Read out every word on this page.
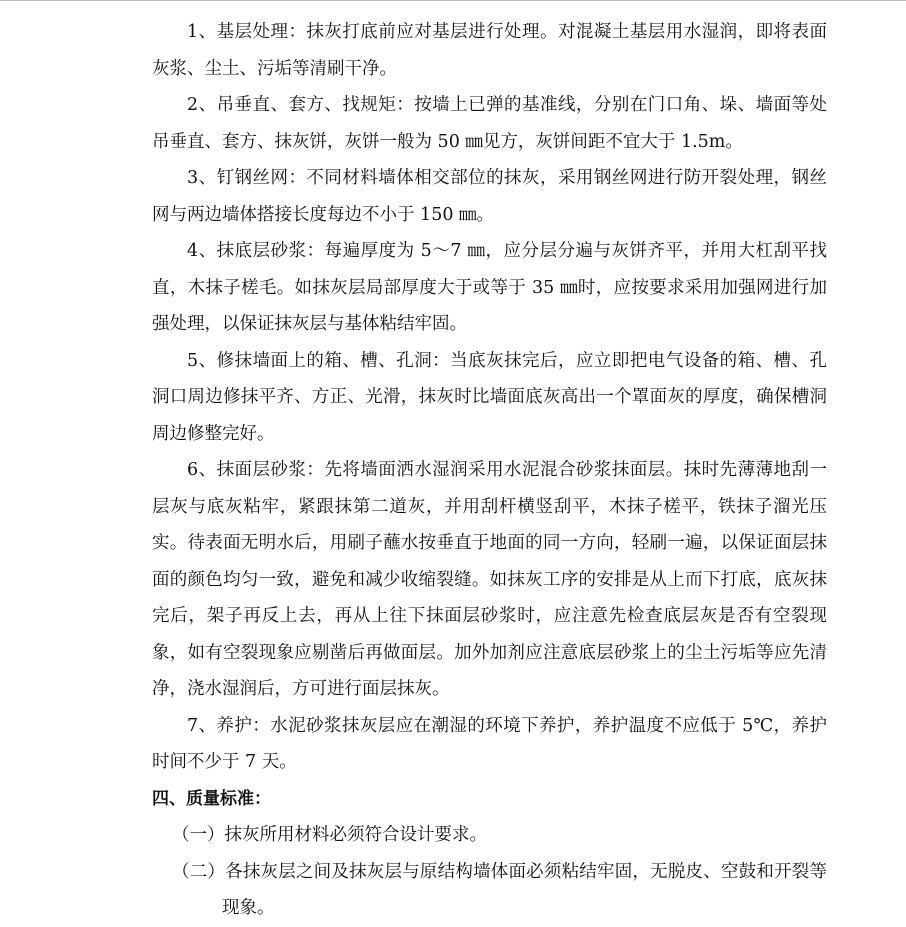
1、基层处理：抹灰打底前应对基层进行处理。对混凝土基层用水湿润，即将表面灰浆、尘土、污垢等清刷干净。

2、吊垂直、套方、找规矩：按墙上已弹的基准线，分别在门口角、垛、墙面等处吊垂直、套方、抹灰饼，灰饼一般为 50 ㎜见方，灰饼间距不宜大于 1.5m。

3、钉钢丝网：不同材料墙体相交部位的抹灰，采用钢丝网进行防开裂处理，钢丝网与两边墙体搭接长度每边不小于 150 ㎜。

4、抹底层砂浆：每遍厚度为 5～7 ㎜，应分层分遍与灰饼齐平，并用大杠刮平找直，木抹子槎毛。如抹灰层局部厚度大于或等于 35 ㎜时，应按要求采用加强网进行加强处理，以保证抹灰层与基体粘结牢固。

5、修抹墙面上的箱、槽、孔洞：当底灰抹完后，应立即把电气设备的箱、槽、孔洞口周边修抹平齐、方正、光滑，抹灰时比墙面底灰高出一个罩面灰的厚度，确保槽洞周边修整完好。

6、抹面层砂浆：先将墙面洒水湿润采用水泥混合砂浆抹面层。抹时先薄薄地刮一层灰与底灰粘牢，紧跟抹第二道灰，并用刮杆横竖刮平，木抹子槎平，铁抹子溜光压实。待表面无明水后，用刷子蘸水按垂直于地面的同一方向，轻刷一遍，以保证面层抹面的颜色均匀一致，避免和减少收缩裂缝。如抹灰工序的安排是从上而下打底，底灰抹完后，架子再反上去，再从上往下抹面层砂浆时，应注意先检查底层灰是否有空裂现象，如有空裂现象应剔凿后再做面层。加外加剂应注意底层砂浆上的尘土污垢等应先清净，浇水湿润后，方可进行面层抹灰。

7、养护：水泥砂浆抹灰层应在潮湿的环境下养护，养护温度不应低于 5℃，养护时间不少于 7 天。

四、质量标准：

（一）抹灰所用材料必须符合设计要求。

（二）各抹灰层之间及抹灰层与原结构墙体面必须粘结牢固，无脱皮、空鼓和开裂等现象。
